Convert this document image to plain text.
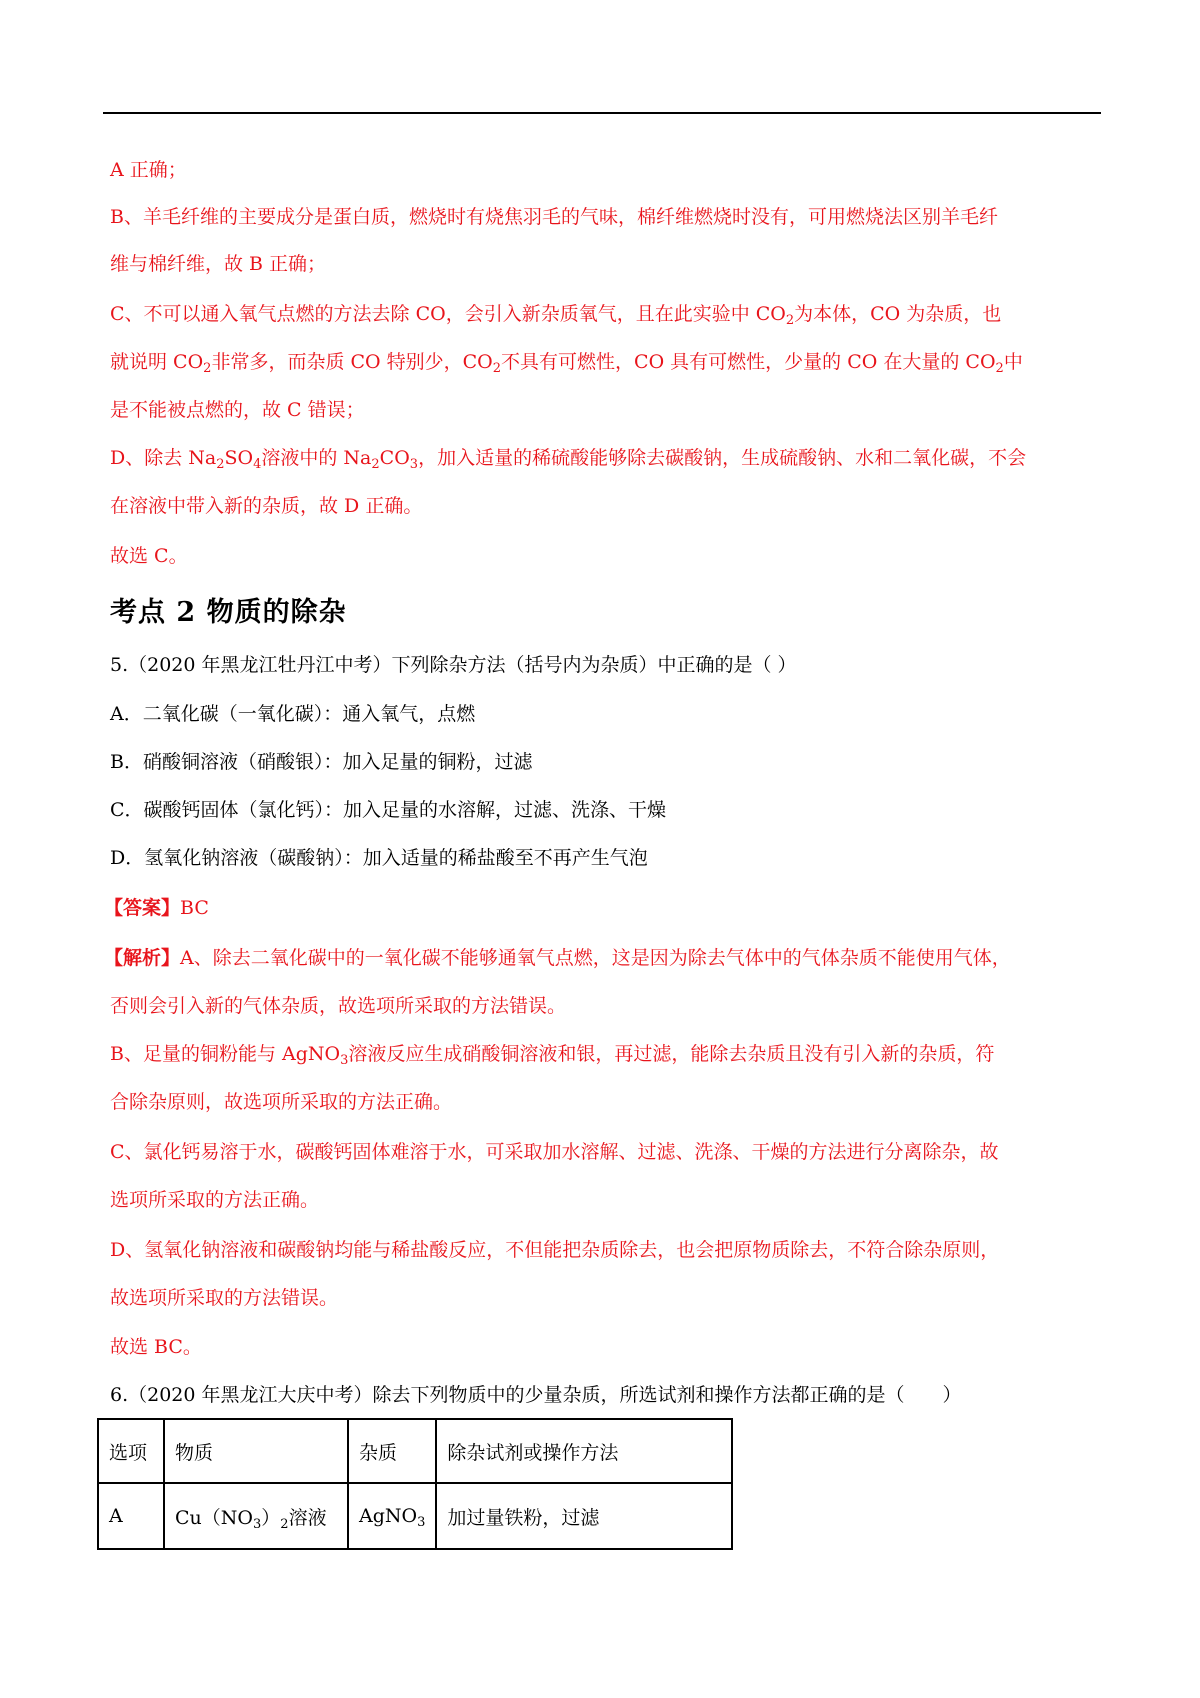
A 正确；
B、羊毛纤维的主要成分是蛋白质，燃烧时有烧焦羽毛的气味，棉纤维燃烧时没有，可用燃烧法区别羊毛纤
维与棉纤维，故 B 正确；
C、不可以通入氧气点燃的方法去除 CO，会引入新杂质氧气，且在此实验中 $CO_2$为本体，CO 为杂质，也
就说明 $CO_2$非常多，而杂质 CO 特别少，$CO_2$不具有可燃性，CO 具有可燃性，少量的 CO 在大量的 $CO_2$中
是不能被点燃的，故 C 错误；
D、除去 $Na_2SO_4$溶液中的 $Na_2CO_3$，加入适量的稀硫酸能够除去碳酸钠，生成硫酸钠、水和二氧化碳，不会
在溶液中带入新的杂质，故 D 正确。
故选 C。
考点 2 物质的除杂
5.（2020 年黑龙江牡丹江中考）下列除杂方法（括号内为杂质）中正确的是（ ）
A．二氧化碳（一氧化碳）：通入氧气，点燃
B．硝酸铜溶液（硝酸银）：加入足量的铜粉，过滤
C．碳酸钙固体（氯化钙）：加入足量的水溶解，过滤、洗涤、干燥
D．氢氧化钠溶液（碳酸钠）：加入适量的稀盐酸至不再产生气泡
【答案】BC
【解析】A、除去二氧化碳中的一氧化碳不能够通氧气点燃，这是因为除去气体中的气体杂质不能使用气体，
否则会引入新的气体杂质，故选项所采取的方法错误。
B、足量的铜粉能与 AgNO$_3$溶液反应生成硝酸铜溶液和银，再过滤，能除去杂质且没有引入新的杂质，符
合除杂原则，故选项所采取的方法正确。
C、氯化钙易溶于水，碳酸钙固体难溶于水，可采取加水溶解、过滤、洗涤、干燥的方法进行分离除杂，故
选项所采取的方法正确。
D、氢氧化钠溶液和碳酸钠均能与稀盐酸反应，不但能把杂质除去，也会把原物质除去，不符合除杂原则，
故选项所采取的方法错误。
故选 BC。
6.（2020 年黑龙江大庆中考）除去下列物质中的少量杂质，所选试剂和操作方法都正确的是（　　）
选项	物质	杂质	除杂试剂或操作方法
A	$Cu(NO_3)_2$溶液	AgNO$_3$	加过量铁粉，过滤
